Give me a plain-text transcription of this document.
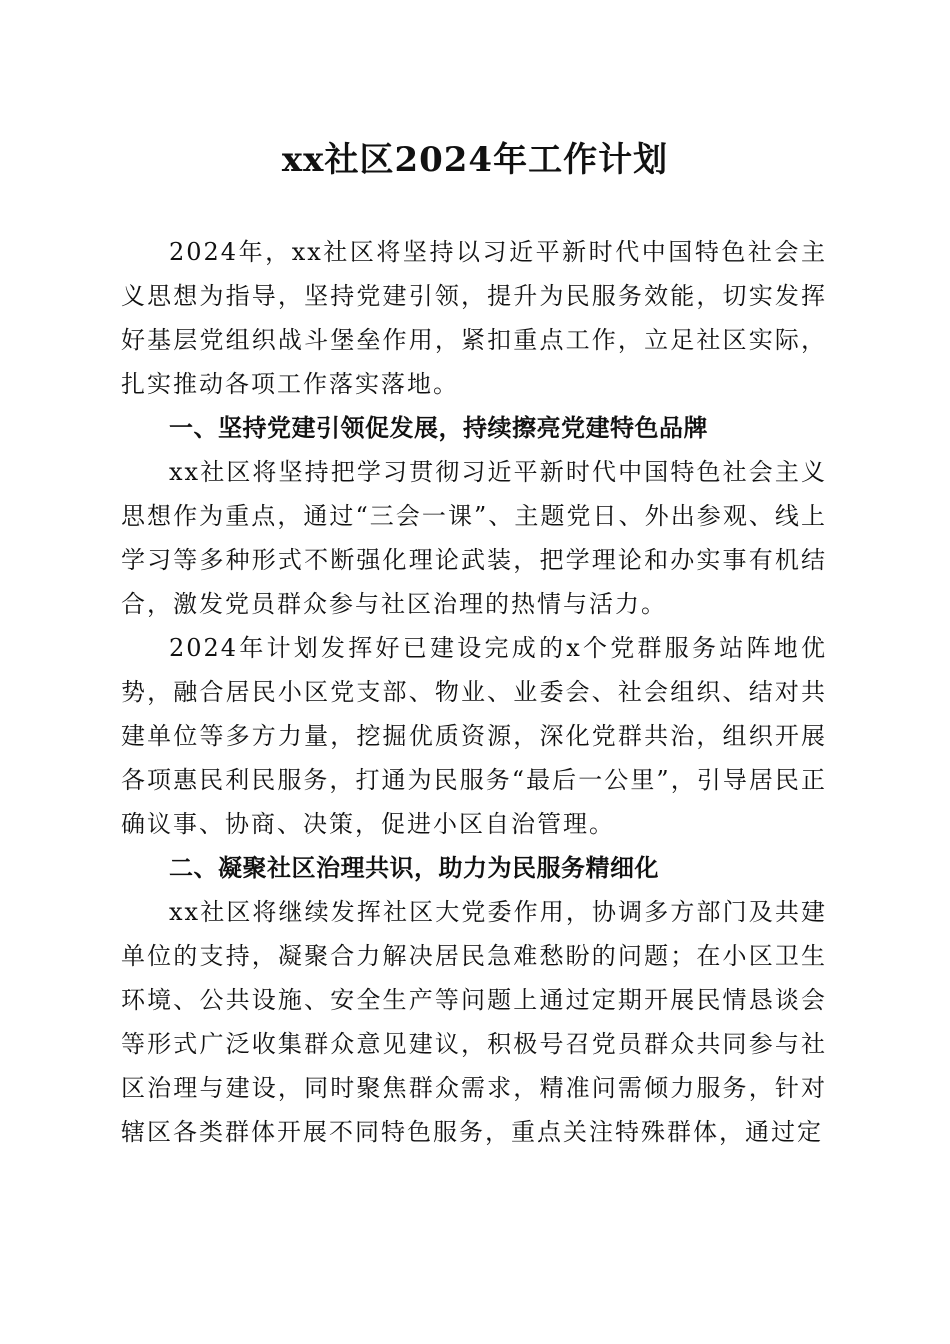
xx社区2024年工作计划

2024年，xx社区将坚持以习近平新时代中国特色社会主义思想为指导，坚持党建引领，提升为民服务效能，切实发挥好基层党组织战斗堡垒作用，紧扣重点工作，立足社区实际，扎实推动各项工作落实落地。

一、坚持党建引领促发展，持续擦亮党建特色品牌

xx社区将坚持把学习贯彻习近平新时代中国特色社会主义思想作为重点，通过“三会一课”、主题党日、外出参观、线上学习等多种形式不断强化理论武装，把学理论和办实事有机结合，激发党员群众参与社区治理的热情与活力。

2024年计划发挥好已建设完成的x个党群服务站阵地优势，融合居民小区党支部、物业、业委会、社会组织、结对共建单位等多方力量，挖掘优质资源，深化党群共治，组织开展各项惠民利民服务，打通为民服务“最后一公里”，引导居民正确议事、协商、决策，促进小区自治管理。

二、凝聚社区治理共识，助力为民服务精细化

xx社区将继续发挥社区大党委作用，协调多方部门及共建单位的支持，凝聚合力解决居民急难愁盼的问题；在小区卫生环境、公共设施、安全生产等问题上通过定期开展民情恳谈会等形式广泛收集群众意见建议，积极号召党员群众共同参与社区治理与建设，同时聚焦群众需求，精准问需倾力服务，针对辖区各类群体开展不同特色服务，重点关注特殊群体，通过定
